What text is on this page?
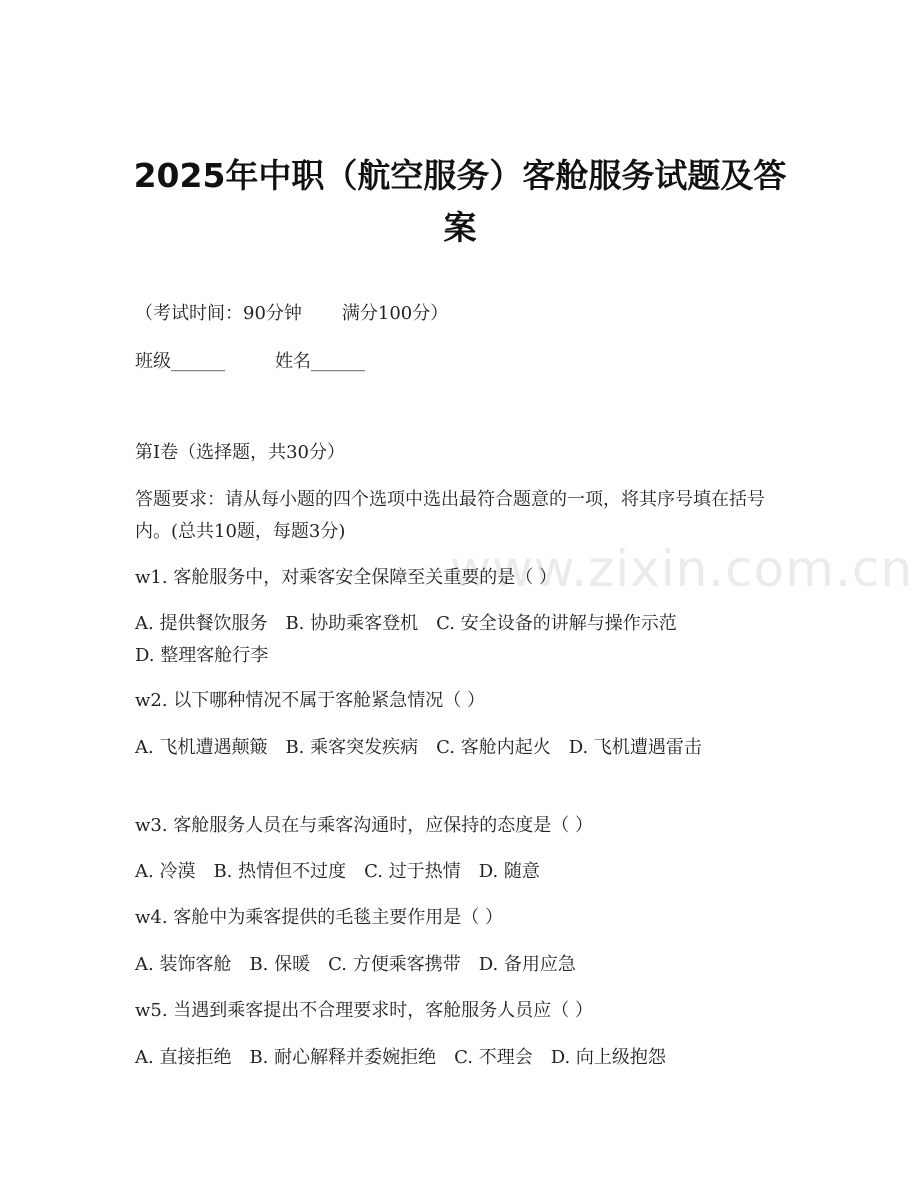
2025年中职（航空服务）客舱服务试题及答案
（考试时间：90分钟 满分100分）
班级______	姓名______
第I卷（选择题，共30分）
答题要求：请从每小题的四个选项中选出最符合题意的一项，将其序号填在括号内。(总共10题，每题3分)
www.zixin.com.cn
w1. 客舱服务中，对乘客安全保障至关重要的是（ ）
A. 提供餐饮服务 B. 协助乘客登机 C. 安全设备的讲解与操作示范D. 整理客舱行李
w2. 以下哪种情况不属于客舱紧急情况（ ）
A. 飞机遭遇颠簸 B. 乘客突发疾病 C. 客舱内起火 D. 飞机遭遇雷击
w3. 客舱服务人员在与乘客沟通时，应保持的态度是（ ）
A. 冷漠 B. 热情但不过度 C. 过于热情 D. 随意
w4. 客舱中为乘客提供的毛毯主要作用是（ ）
A. 装饰客舱 B. 保暖 C. 方便乘客携带 D. 备用应急
w5. 当遇到乘客提出不合理要求时，客舱服务人员应（ ）
A. 直接拒绝 B. 耐心解释并委婉拒绝 C. 不理会 D. 向上级抱怨
